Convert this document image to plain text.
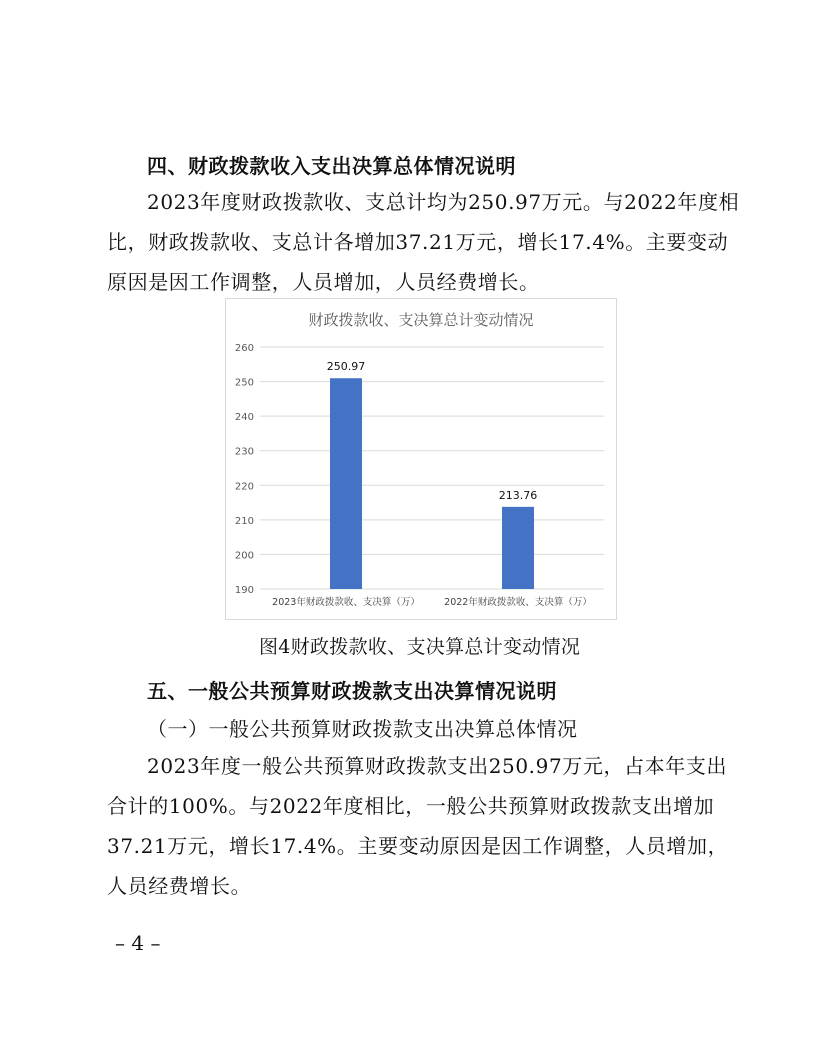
四、财政拨款收入支出决算总体情况说明
2023年度财政拨款收、支总计均为250.97万元。与2022年度相
比，财政拨款收、支总计各增加37.21万元，增长17.4%。主要变动
原因是因工作调整，人员增加，人员经费增长。
财政拨款收、支决算总计变动情况
190
200
210
220
230
240
250
260
250.97
213.76
2023年财政拨款收、支决算（万）	2022年财政拨款收、支决算（万）
图4财政拨款收、支决算总计变动情况
五、一般公共预算财政拨款支出决算情况说明
（一）一般公共预算财政拨款支出决算总体情况
2023年度一般公共预算财政拨款支出250.97万元，占本年支出
合计的100%。与2022年度相比，一般公共预算财政拨款支出增加
37.21万元，增长17.4%。主要变动原因是因工作调整，人员增加，
人员经费增长。
– 4 –
